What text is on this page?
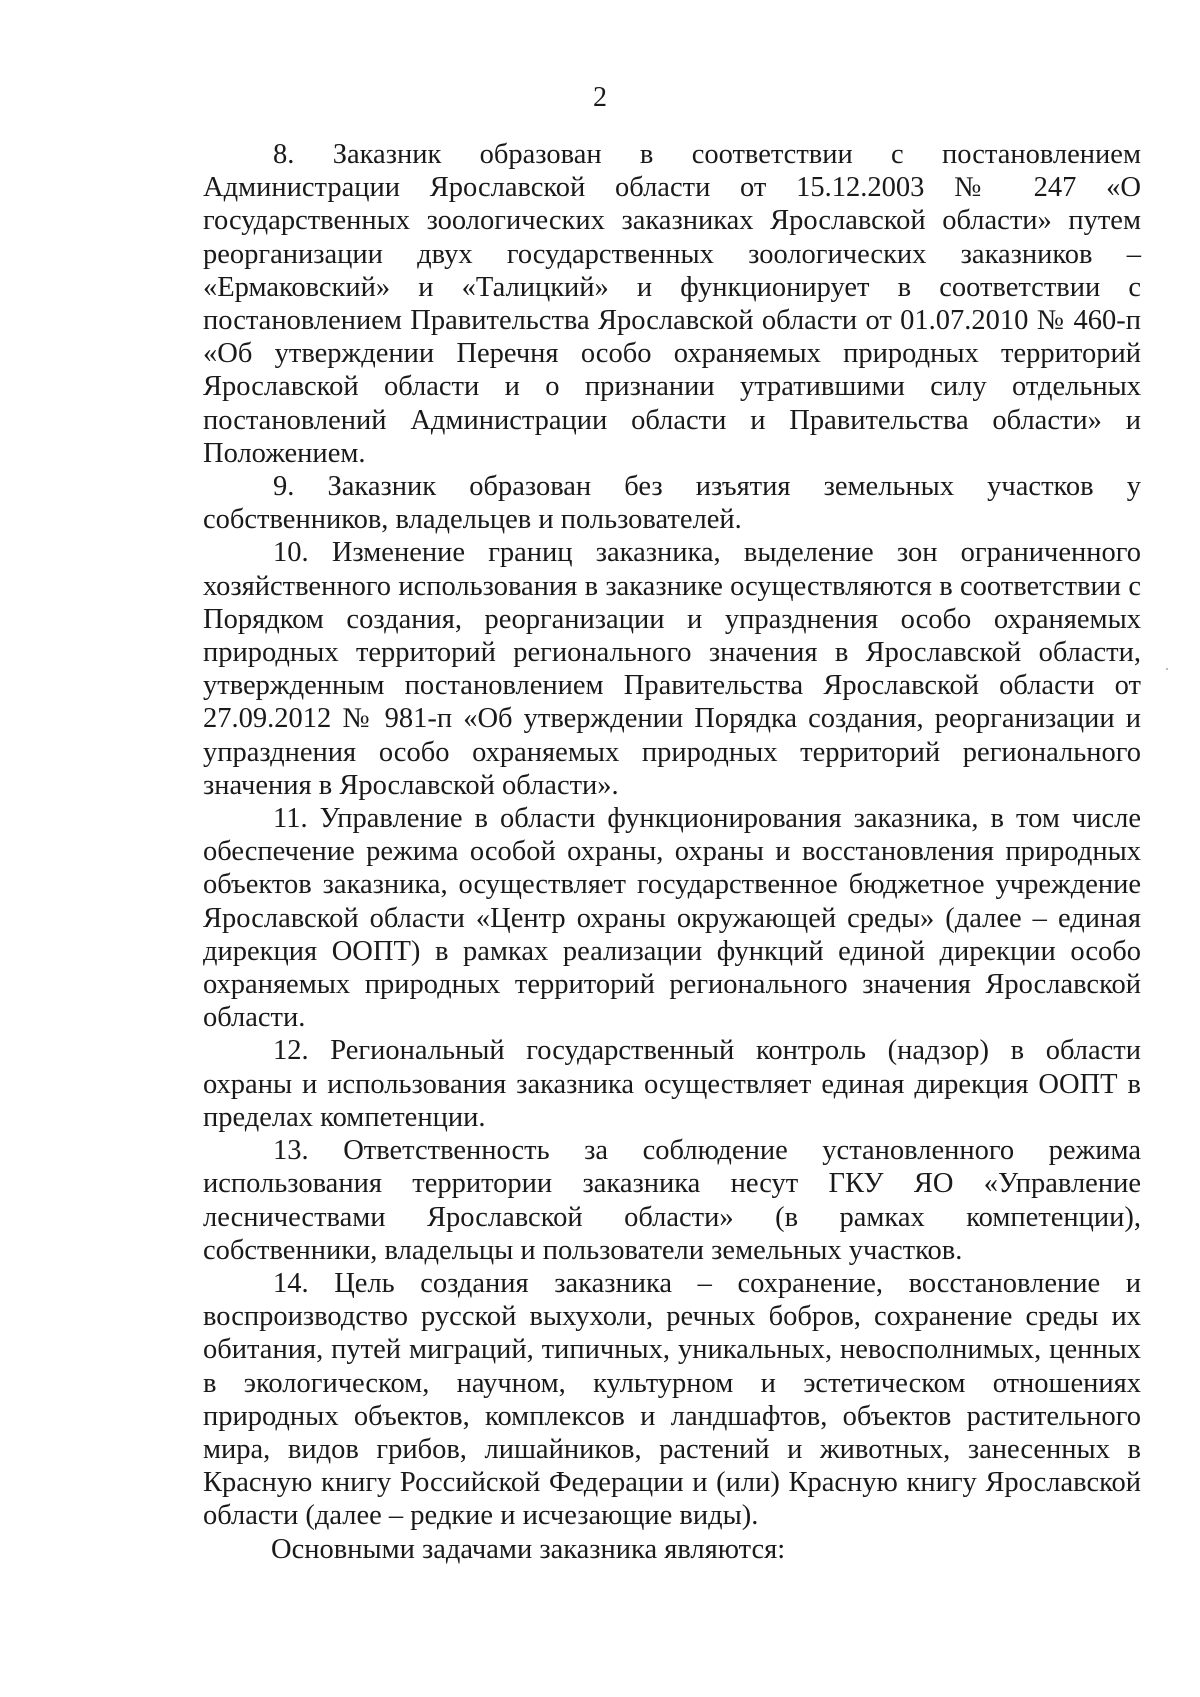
2

8. Заказник образован в соответствии с постановлением Администрации Ярославской области от 15.12.2003 № 247 «О государственных зоологических заказниках Ярославской области» путем реорганизации двух государственных зоологических заказников – «Ермаковский» и «Талицкий» и функционирует в соответствии с постановлением Правительства Ярославской области от 01.07.2010 № 460-п «Об утверждении Перечня особо охраняемых природных территорий Ярославской области и о признании утратившими силу отдельных постановлений Администрации области и Правительства области» и Положением.

9. Заказник образован без изъятия земельных участков у собственников, владельцев и пользователей.

10. Изменение границ заказника, выделение зон ограниченного хозяйственного использования в заказнике осуществляются в соответствии с Порядком создания, реорганизации и упразднения особо охраняемых природных территорий регионального значения в Ярославской области, утвержденным постановлением Правительства Ярославской области от 27.09.2012 № 981-п «Об утверждении Порядка создания, реорганизации и упразднения особо охраняемых природных территорий регионального значения в Ярославской области».

11. Управление в области функционирования заказника, в том числе обеспечение режима особой охраны, охраны и восстановления природных объектов заказника, осуществляет государственное бюджетное учреждение Ярославской области «Центр охраны окружающей среды» (далее – единая дирекция ООПТ) в рамках реализации функций единой дирекции особо охраняемых природных территорий регионального значения Ярославской области.

12. Региональный государственный контроль (надзор) в области охраны и использования заказника осуществляет единая дирекция ООПТ в пределах компетенции.

13. Ответственность за соблюдение установленного режима использования территории заказника несут ГКУ ЯО «Управление лесничествами Ярославской области» (в рамках компетенции), собственники, владельцы и пользователи земельных участков.

14. Цель создания заказника – сохранение, восстановление и воспроизводство русской выхухоли, речных бобров, сохранение среды их обитания, путей миграций, типичных, уникальных, невосполнимых, ценных в экологическом, научном, культурном и эстетическом отношениях природных объектов, комплексов и ландшафтов, объектов растительного мира, видов грибов, лишайников, растений и животных, занесенных в Красную книгу Российской Федерации и (или) Красную книгу Ярославской области (далее – редкие и исчезающие виды).

Основными задачами заказника являются:
